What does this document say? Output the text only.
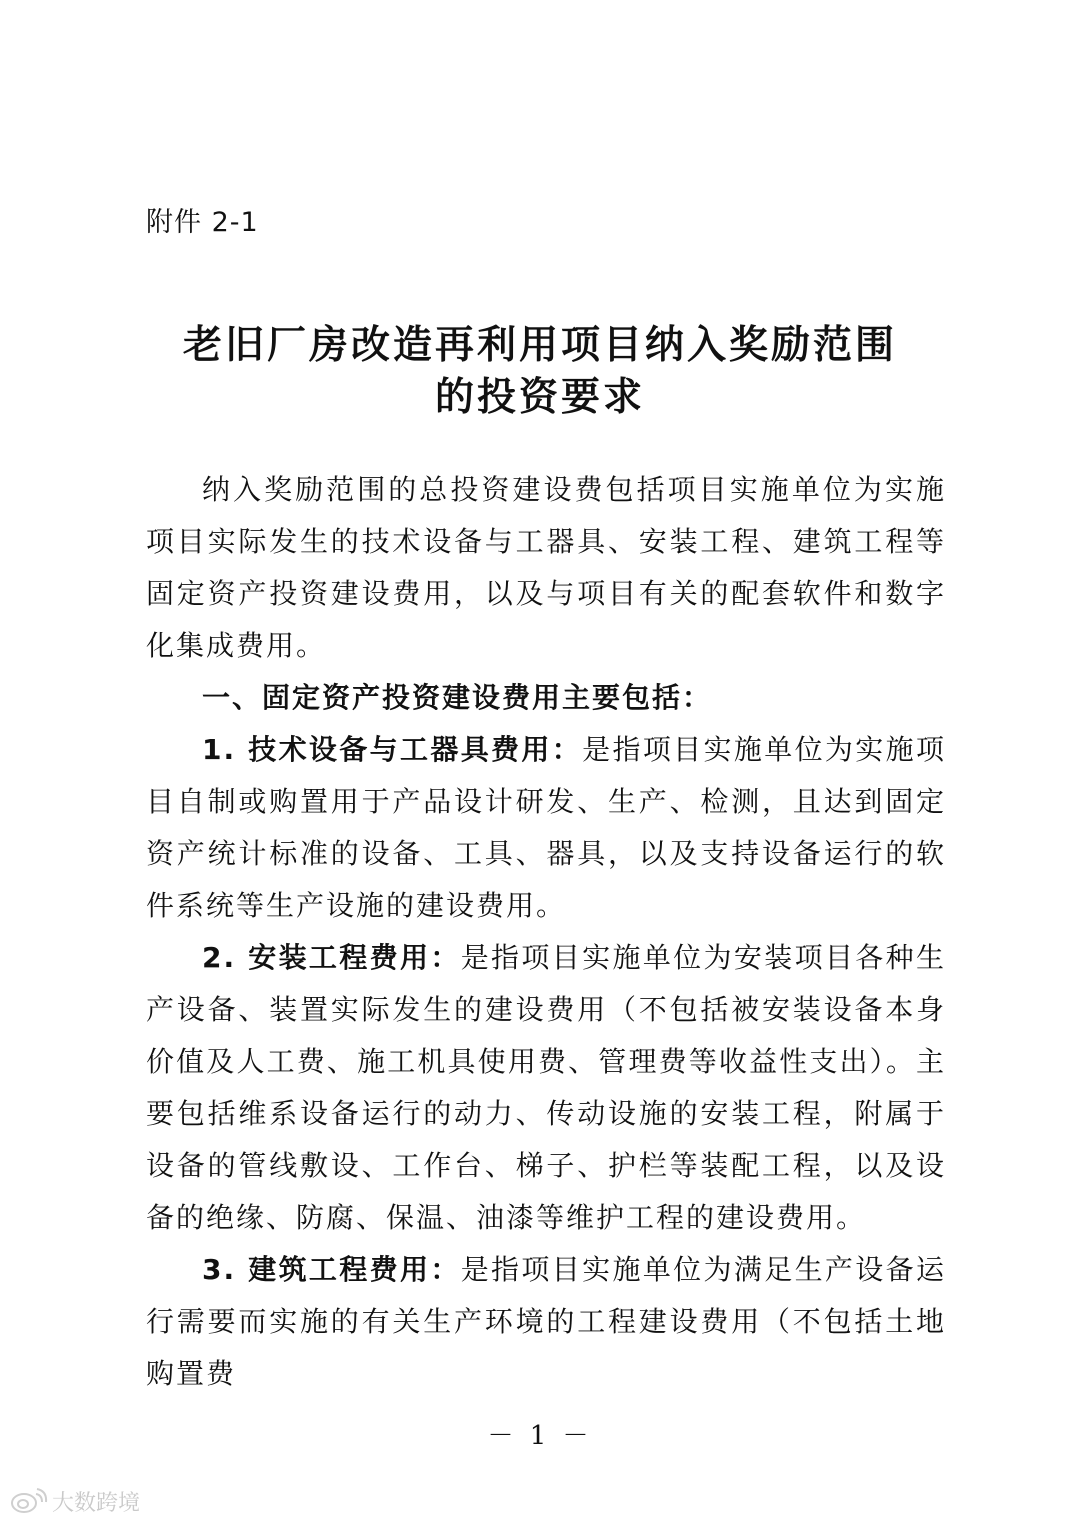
附件 2-1
老旧厂房改造再利用项目纳入奖励范围
的投资要求

纳入奖励范围的总投资建设费包括项目实施单位为实施项目实际发生的技术设备与工器具、安装工程、建筑工程等固定资产投资建设费用，以及与项目有关的配套软件和数字化集成费用。

一、固定资产投资建设费用主要包括：

1. 技术设备与工器具费用：是指项目实施单位为实施项目自制或购置用于产品设计研发、生产、检测，且达到固定资产统计标准的设备、工具、器具，以及支持设备运行的软件系统等生产设施的建设费用。

2. 安装工程费用：是指项目实施单位为安装项目各种生产设备、装置实际发生的建设费用（不包括被安装设备本身价值及人工费、施工机具使用费、管理费等收益性支出）。主要包括维系设备运行的动力、传动设施的安装工程，附属于设备的管线敷设、工作台、梯子、护栏等装配工程，以及设备的绝缘、防腐、保温、油漆等维护工程的建设费用。

3. 建筑工程费用：是指项目实施单位为满足生产设备运行需要而实施的有关生产环境的工程建设费用（不包括土地购置费

－ 1 －
大数跨境
